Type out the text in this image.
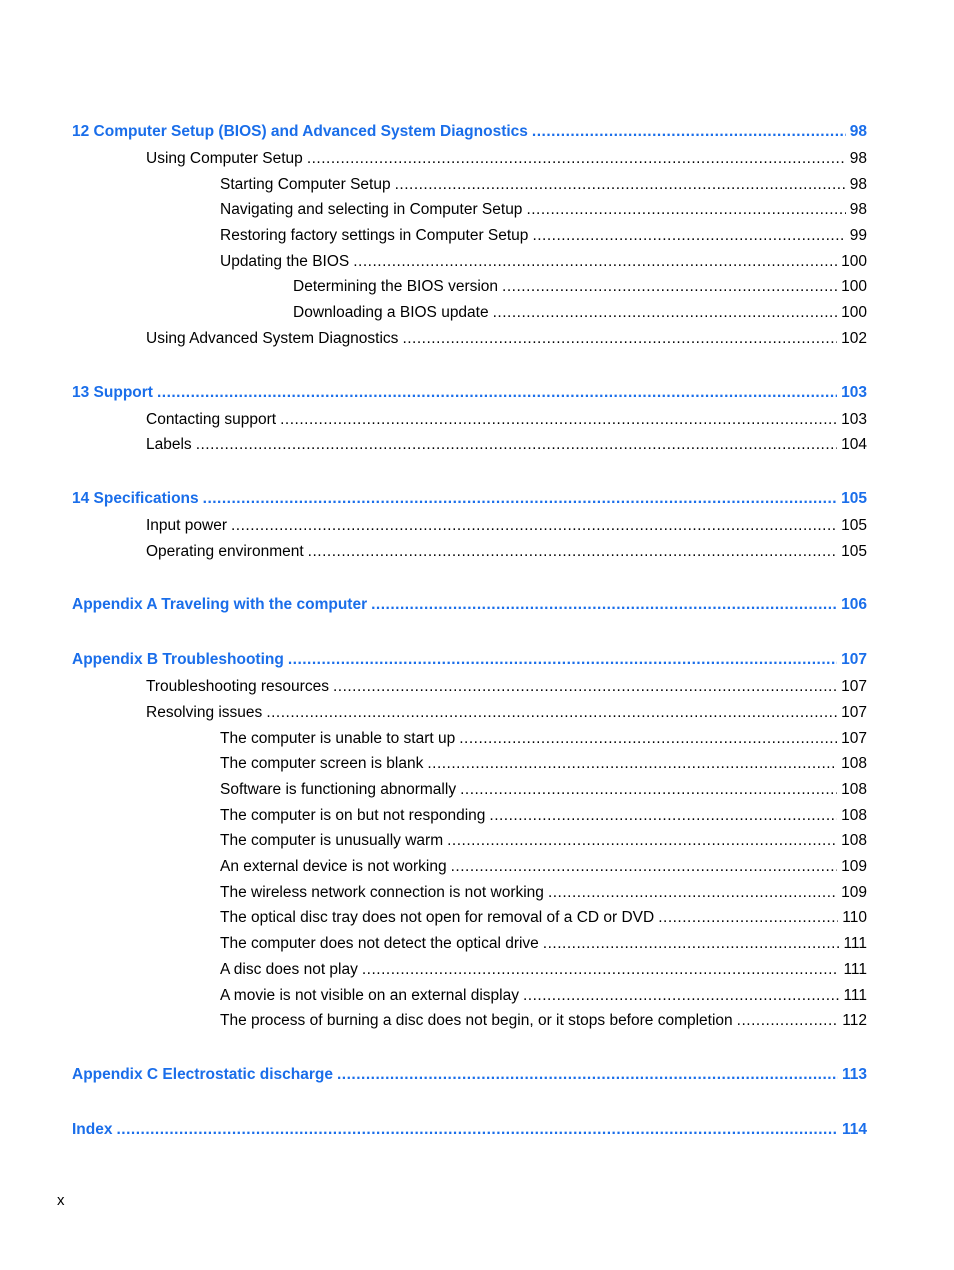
12 Computer Setup (BIOS) and Advanced System Diagnostics .....	98
Using Computer Setup .....	98
Starting Computer Setup .....	98
Navigating and selecting in Computer Setup .....	98
Restoring factory settings in Computer Setup .....	99
Updating the BIOS .....	100
Determining the BIOS version .....	100
Downloading a BIOS update .....	100
Using Advanced System Diagnostics .....	102
13 Support .....	103
Contacting support .....	103
Labels .....	104
14 Specifications .....	105
Input power .....	105
Operating environment .....	105
Appendix A Traveling with the computer .....	106
Appendix B Troubleshooting .....	107
Troubleshooting resources .....	107
Resolving issues .....	107
The computer is unable to start up .....	107
The computer screen is blank .....	108
Software is functioning abnormally .....	108
The computer is on but not responding .....	108
The computer is unusually warm .....	108
An external device is not working .....	109
The wireless network connection is not working .....	109
The optical disc tray does not open for removal of a CD or DVD .....	110
The computer does not detect the optical drive .....	111
A disc does not play .....	111
A movie is not visible on an external display .....	111
The process of burning a disc does not begin, or it stops before completion .....	112
Appendix C Electrostatic discharge .....	113
Index .....	114
x
